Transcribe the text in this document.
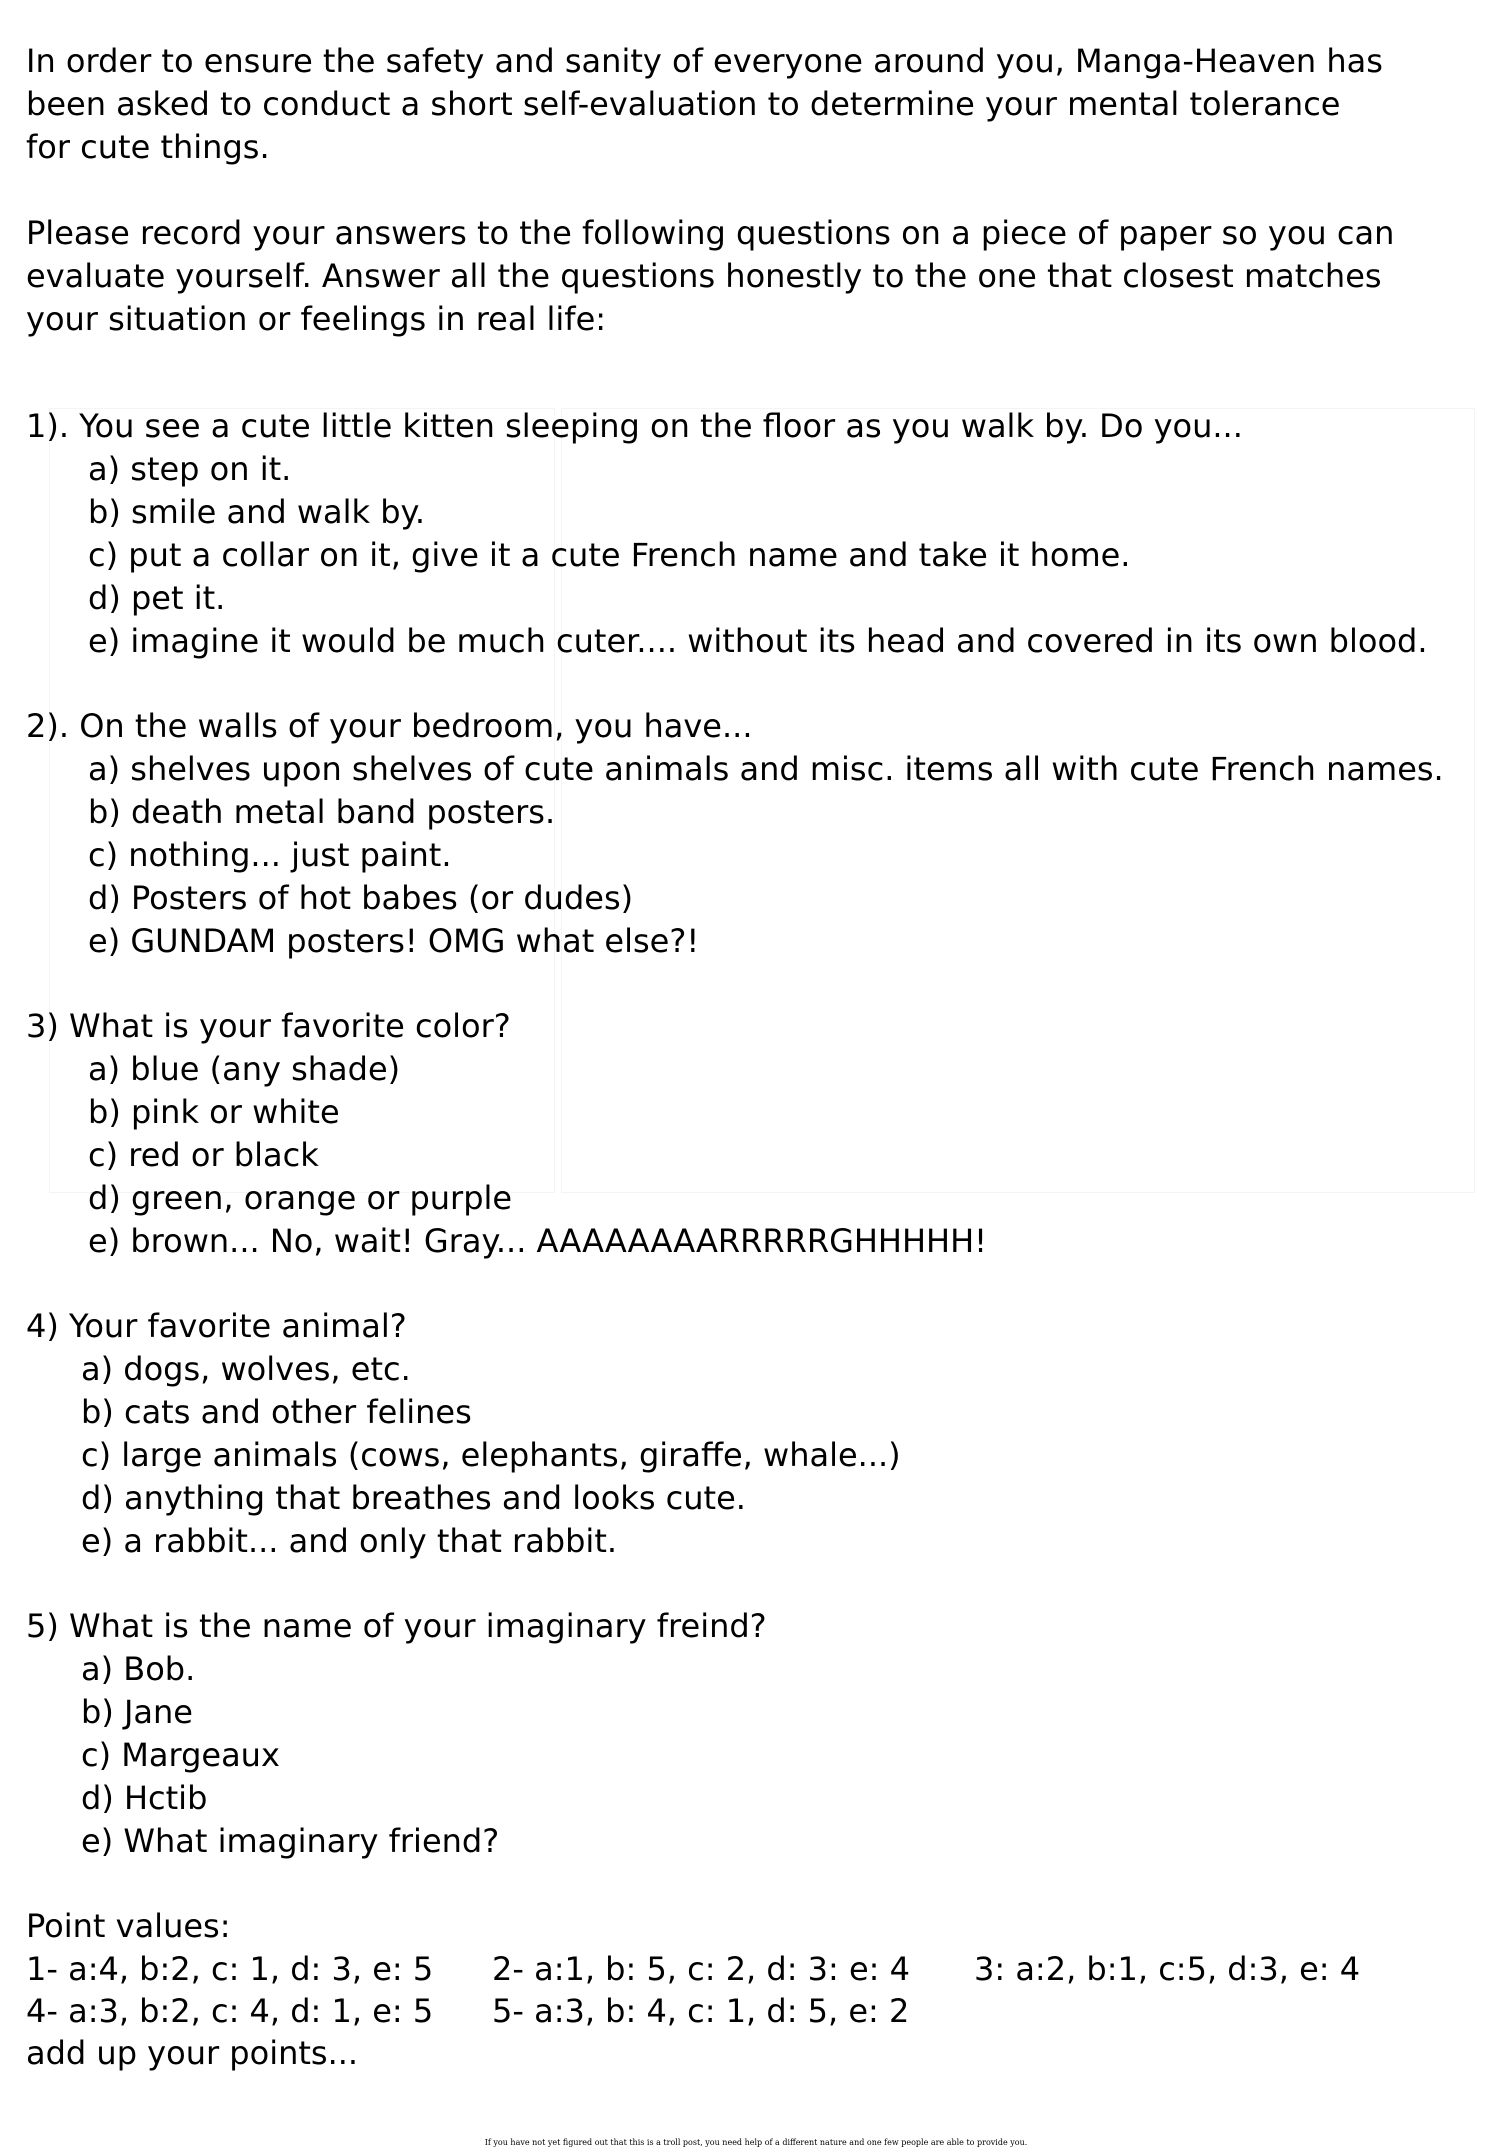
In order to ensure the safety and sanity of everyone around you, Manga-Heaven has
been asked to conduct a short self-evaluation to determine your mental tolerance
for cute things.
Please record your answers to the following questions on a piece of paper so you can
evaluate yourself. Answer all the questions honestly to the one that closest matches
your situation or feelings in real life:
1). You see a cute little kitten sleeping on the floor as you walk by. Do you...
a) step on it.
b) smile and walk by.
c) put a collar on it, give it a cute French name and take it home.
d) pet it.
e) imagine it would be much cuter.... without its head and covered in its own blood.
2). On the walls of your bedroom, you have...
a) shelves upon shelves of cute animals and misc. items all with cute French names.
b) death metal band posters.
c) nothing... just paint.
d) Posters of hot babes (or dudes)
e) GUNDAM posters! OMG what else?!
3) What is your favorite color?
a) blue (any shade)
b) pink or white
c) red or black
d) green, orange or purple
e) brown... No, wait! Gray... AAAAAAAARRRRRGHHHHH!
4) Your favorite animal?
a) dogs, wolves, etc.
b) cats and other felines
c) large animals (cows, elephants, giraffe, whale...)
d) anything that breathes and looks cute.
e) a rabbit... and only that rabbit.
5) What is the name of your imaginary freind?
a) Bob.
b) Jane
c) Margeaux
d) Hctib
e) What imaginary friend?
Point values:
1- a:4, b:2, c: 1, d: 3, e: 5	2- a:1, b: 5, c: 2, d: 3: e: 4	3: a:2, b:1, c:5, d:3, e: 4
4- a:3, b:2, c: 4, d: 1, e: 5	5- a:3, b: 4, c: 1, d: 5, e: 2
add up your points...
If you have not yet figured out that this is a troll post, you need help of a different nature and one few people are able to provide you.
